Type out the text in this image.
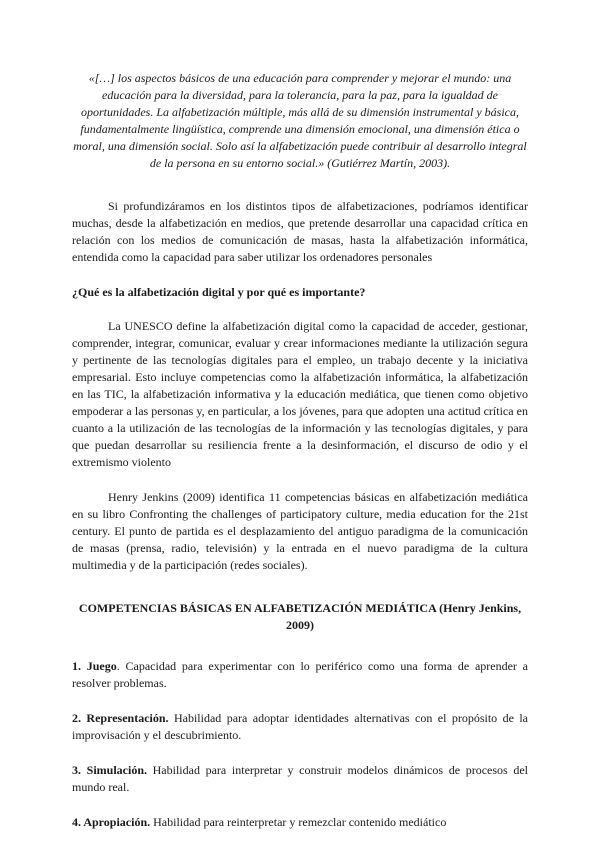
«[…] los aspectos básicos de una educación para comprender y mejorar el mundo: una educación para la diversidad, para la tolerancia, para la paz, para la igualdad de oportunidades. La alfabetización múltiple, más allá de su dimensión instrumental y básica, fundamentalmente lingüística, comprende una dimensión emocional, una dimensión ética o moral, una dimensión social. Solo así la alfabetización puede contribuir al desarrollo integral de la persona en su entorno social.» (Gutiérrez Martín, 2003).

Si profundizáramos en los distintos tipos de alfabetizaciones, podríamos identificar muchas, desde la alfabetización en medios, que pretende desarrollar una capacidad crítica en relación con los medios de comunicación de masas, hasta la alfabetización informática, entendida como la capacidad para saber utilizar los ordenadores personales

¿Qué es la alfabetización digital y por qué es importante?

La UNESCO define la alfabetización digital como la capacidad de acceder, gestionar, comprender, integrar, comunicar, evaluar y crear informaciones mediante la utilización segura y pertinente de las tecnologías digitales para el empleo, un trabajo decente y la iniciativa empresarial. Esto incluye competencias como la alfabetización informática, la alfabetización en las TIC, la alfabetización informativa y la educación mediática, que tienen como objetivo empoderar a las personas y, en particular, a los jóvenes, para que adopten una actitud crítica en cuanto a la utilización de las tecnologías de la información y las tecnologías digitales, y para que puedan desarrollar su resiliencia frente a la desinformación, el discurso de odio y el extremismo violento

Henry Jenkins (2009) identifica 11 competencias básicas en alfabetización mediática en su libro Confronting the challenges of participatory culture, media education for the 21st century. El punto de partida es el desplazamiento del antiguo paradigma de la comunicación de masas (prensa, radio, televisión) y la entrada en el nuevo paradigma de la cultura multimedia y de la participación (redes sociales).

COMPETENCIAS BÁSICAS EN ALFABETIZACIÓN MEDIÁTICA (Henry Jenkins, 2009)

1. Juego. Capacidad para experimentar con lo periférico como una forma de aprender a resolver problemas.

2. Representación. Habilidad para adoptar identidades alternativas con el propósito de la improvisación y el descubrimiento.

3. Simulación. Habilidad para interpretar y construir modelos dinámicos de procesos del mundo real.

4. Apropiación. Habilidad para reinterpretar y remezclar contenido mediático
